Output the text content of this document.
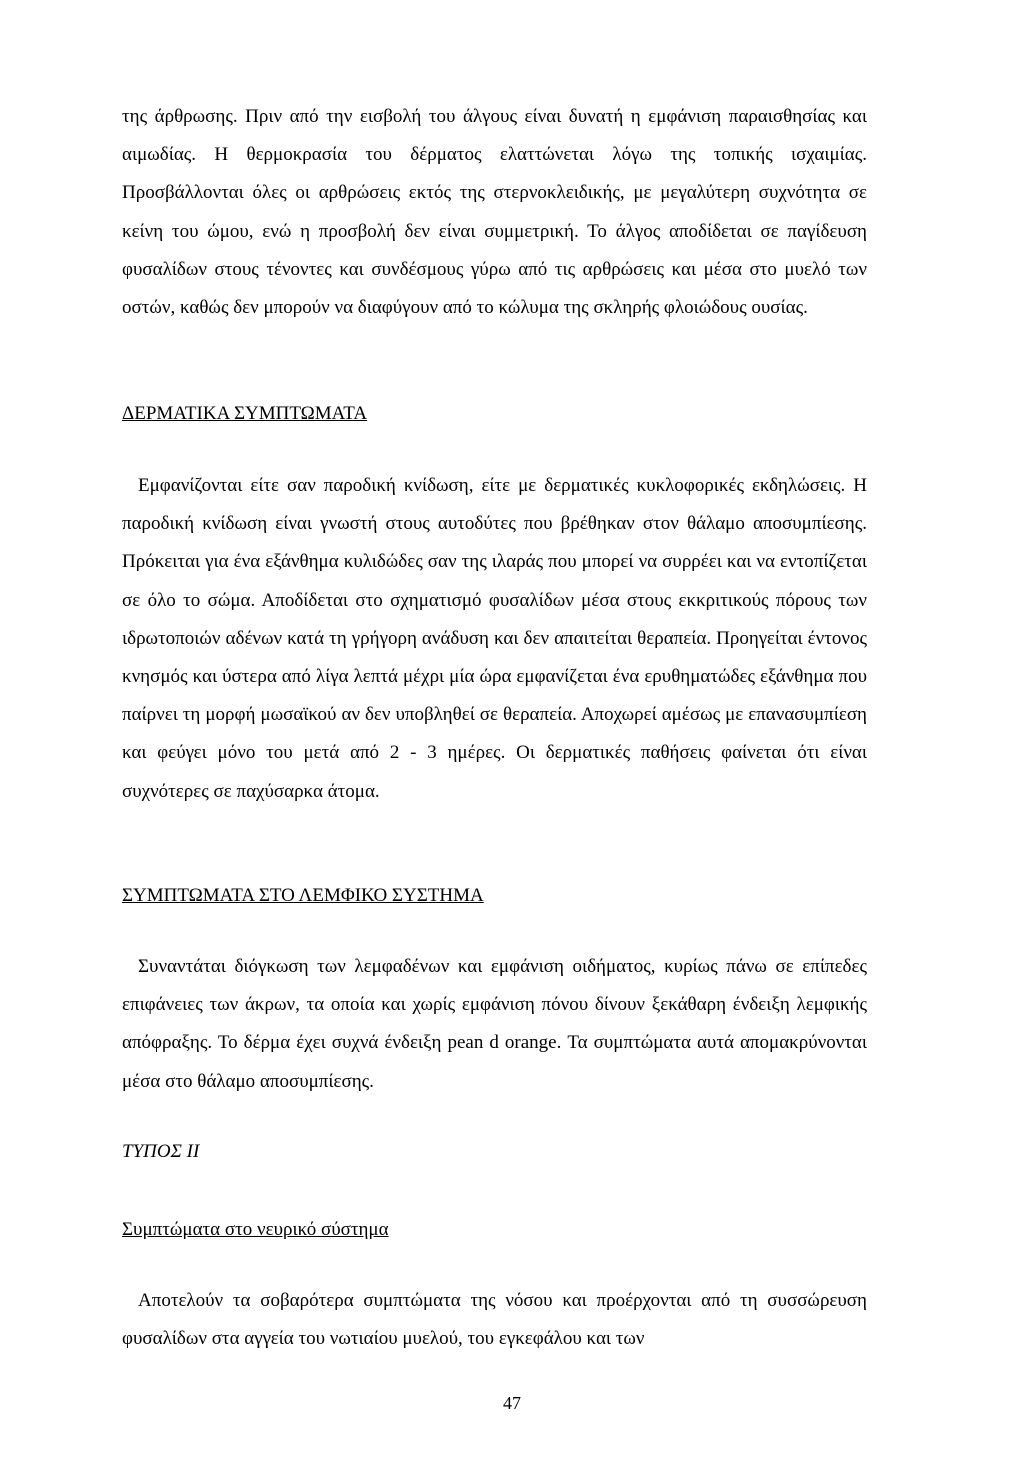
της άρθρωσης. Πριν από την εισβολή του άλγους είναι δυνατή η εμφάνιση παραισθησίας και αιμωδίας. Η θερμοκρασία του δέρματος ελαττώνεται λόγω της τοπικής ισχαιμίας. Προσβάλλονται όλες οι αρθρώσεις εκτός της στερνοκλειδικής, με μεγαλύτερη συχνότητα σε κείνη του ώμου, ενώ η προσβολή δεν είναι συμμετρική. Το άλγος αποδίδεται σε παγίδευση φυσαλίδων στους τένοντες και συνδέσμους γύρω από τις αρθρώσεις και μέσα στο μυελό των οστών, καθώς δεν μπορούν να διαφύγουν από το κώλυμα της σκληρής φλοιώδους ουσίας.

ΔΕΡΜΑΤΙΚΑ ΣΥΜΠΤΩΜΑΤΑ

Εμφανίζονται είτε σαν παροδική κνίδωση, είτε με δερματικές κυκλοφορικές εκδηλώσεις. Η παροδική κνίδωση είναι γνωστή στους αυτοδύτες που βρέθηκαν στον θάλαμο αποσυμπίεσης. Πρόκειται για ένα εξάνθημα κυλιδώδες σαν της ιλαράς που μπορεί να συρρέει και να εντοπίζεται σε όλο το σώμα. Αποδίδεται στο σχηματισμό φυσαλίδων μέσα στους εκκριτικούς πόρους των ιδρωτοποιών αδένων κατά τη γρήγορη ανάδυση και δεν απαιτείται θεραπεία. Προηγείται έντονος κνησμός και ύστερα από λίγα λεπτά μέχρι μία ώρα εμφανίζεται ένα ερυθηματώδες εξάνθημα που παίρνει τη μορφή μωσαϊκού αν δεν υποβληθεί σε θεραπεία. Αποχωρεί αμέσως με επανασυμπίεση και φεύγει μόνο του μετά από 2 - 3 ημέρες. Οι δερματικές παθήσεις φαίνεται ότι είναι συχνότερες σε παχύσαρκα άτομα.

ΣΥΜΠΤΩΜΑΤΑ ΣΤΟ ΛΕΜΦΙΚΟ ΣΥΣΤΗΜΑ

Συναντάται διόγκωση των λεμφαδένων και εμφάνιση οιδήματος, κυρίως πάνω σε επίπεδες επιφάνειες των άκρων, τα οποία και χωρίς εμφάνιση πόνου δίνουν ξεκάθαρη ένδειξη λεμφικής απόφραξης. Το δέρμα έχει συχνά ένδειξη pean d orange. Τα συμπτώματα αυτά απομακρύνονται μέσα στο θάλαμο αποσυμπίεσης.

ΤΥΠΟΣ ΙΙ

Συμπτώματα στο νευρικό σύστημα

Αποτελούν τα σοβαρότερα συμπτώματα της νόσου και προέρχονται από τη συσσώρευση φυσαλίδων στα αγγεία του νωτιαίου μυελού, του εγκεφάλου και των

47
